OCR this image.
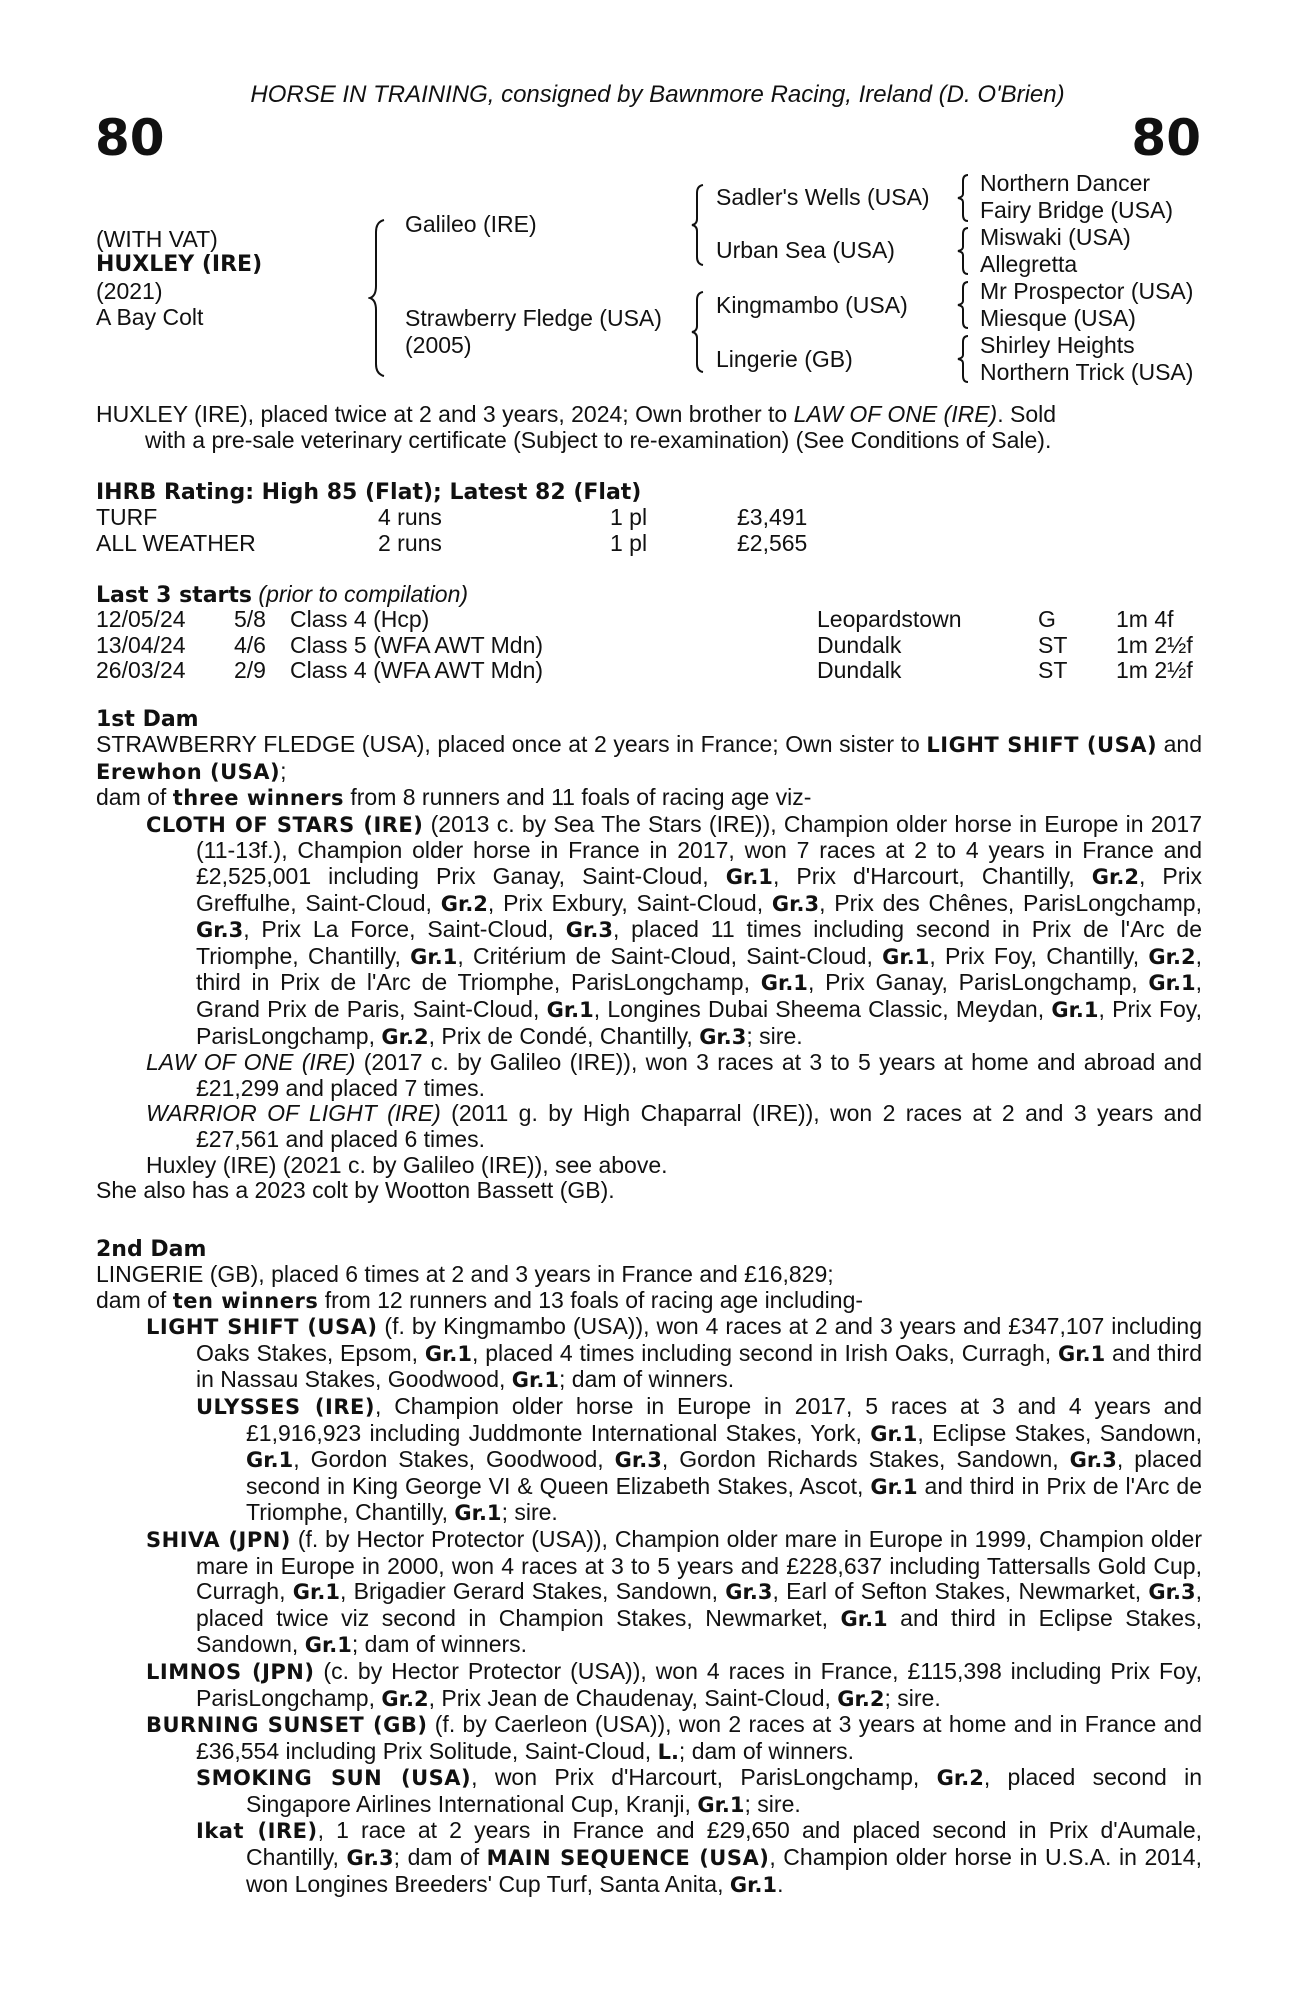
HORSE IN TRAINING, consigned by Bawnmore Racing, Ireland (D. O'Brien)
80	80
(WITH VAT)
HUXLEY (IRE)
(2021)
A Bay Colt
Galileo (IRE)
Strawberry Fledge (USA)
(2005)
Sadler's Wells (USA)
Urban Sea (USA)
Kingmambo (USA)
Lingerie (GB)
Northern Dancer
Fairy Bridge (USA)
Miswaki (USA)
Allegretta
Mr Prospector (USA)
Miesque (USA)
Shirley Heights
Northern Trick (USA)
HUXLEY (IRE), placed twice at 2 and 3 years, 2024; Own brother to LAW OF ONE (IRE). Sold
with a pre-sale veterinary certificate (Subject to re-examination) (See Conditions of Sale).
IHRB Rating: High 85 (Flat); Latest 82 (Flat)
TURF	4 runs	1 pl	£3,491
ALL WEATHER	2 runs	1 pl	£2,565
Last 3 starts (prior to compilation)
12/05/24	5/8	Class 4 (Hcp)	Leopardstown	G	1m 4f
13/04/24	4/6	Class 5 (WFA AWT Mdn)	Dundalk	ST	1m 2½f
26/03/24	2/9	Class 4 (WFA AWT Mdn)	Dundalk	ST	1m 2½f
1st Dam

STRAWBERRY FLEDGE (USA), placed once at 2 years in France; Own sister to LIGHT SHIFT (USA) and Erewhon (USA);

dam of three winners from 8 runners and 11 foals of racing age viz-

CLOTH OF STARS (IRE) (2013 c. by Sea The Stars (IRE)), Champion older horse in Europe in 2017 (11-13f.), Champion older horse in France in 2017, won 7 races at 2 to 4 years in France and £2,525,001 including Prix Ganay, Saint-Cloud, Gr.1, Prix d'Harcourt, Chantilly, Gr.2, Prix Greffulhe, Saint-Cloud, Gr.2, Prix Exbury, Saint-Cloud, Gr.3, Prix des Chênes, ParisLongchamp, Gr.3, Prix La Force, Saint-Cloud, Gr.3, placed 11 times including second in Prix de l'Arc de Triomphe, Chantilly, Gr.1, Critérium de Saint-Cloud, Saint-Cloud, Gr.1, Prix Foy, Chantilly, Gr.2, third in Prix de l'Arc de Triomphe, ParisLongchamp, Gr.1, Prix Ganay, ParisLongchamp, Gr.1, Grand Prix de Paris, Saint-Cloud, Gr.1, Longines Dubai Sheema Classic, Meydan, Gr.1, Prix Foy, ParisLongchamp, Gr.2, Prix de Condé, Chantilly, Gr.3; sire.

LAW OF ONE (IRE) (2017 c. by Galileo (IRE)), won 3 races at 3 to 5 years at home and abroad and £21,299 and placed 7 times.

WARRIOR OF LIGHT (IRE) (2011 g. by High Chaparral (IRE)), won 2 races at 2 and 3 years and £27,561 and placed 6 times.

Huxley (IRE) (2021 c. by Galileo (IRE)), see above.

She also has a 2023 colt by Wootton Bassett (GB).

2nd Dam

LINGERIE (GB), placed 6 times at 2 and 3 years in France and £16,829;

dam of ten winners from 12 runners and 13 foals of racing age including-

LIGHT SHIFT (USA) (f. by Kingmambo (USA)), won 4 races at 2 and 3 years and £347,107 including Oaks Stakes, Epsom, Gr.1, placed 4 times including second in Irish Oaks, Curragh, Gr.1 and third in Nassau Stakes, Goodwood, Gr.1; dam of winners.

ULYSSES (IRE), Champion older horse in Europe in 2017, 5 races at 3 and 4 years and £1,916,923 including Juddmonte International Stakes, York, Gr.1, Eclipse Stakes, Sandown, Gr.1, Gordon Stakes, Goodwood, Gr.3, Gordon Richards Stakes, Sandown, Gr.3, placed second in King George VI & Queen Elizabeth Stakes, Ascot, Gr.1 and third in Prix de l'Arc de Triomphe, Chantilly, Gr.1; sire.

SHIVA (JPN) (f. by Hector Protector (USA)), Champion older mare in Europe in 1999, Champion older mare in Europe in 2000, won 4 races at 3 to 5 years and £228,637 including Tattersalls Gold Cup, Curragh, Gr.1, Brigadier Gerard Stakes, Sandown, Gr.3, Earl of Sefton Stakes, Newmarket, Gr.3, placed twice viz second in Champion Stakes, Newmarket, Gr.1 and third in Eclipse Stakes, Sandown, Gr.1; dam of winners.

LIMNOS (JPN) (c. by Hector Protector (USA)), won 4 races in France, £115,398 including Prix Foy, ParisLongchamp, Gr.2, Prix Jean de Chaudenay, Saint-Cloud, Gr.2; sire.

BURNING SUNSET (GB) (f. by Caerleon (USA)), won 2 races at 3 years at home and in France and £36,554 including Prix Solitude, Saint-Cloud, L.; dam of winners.

SMOKING SUN (USA), won Prix d'Harcourt, ParisLongchamp, Gr.2, placed second in Singapore Airlines International Cup, Kranji, Gr.1; sire.

Ikat (IRE), 1 race at 2 years in France and £29,650 and placed second in Prix d'Aumale, Chantilly, Gr.3; dam of MAIN SEQUENCE (USA), Champion older horse in U.S.A. in 2014, won Longines Breeders' Cup Turf, Santa Anita, Gr.1.
